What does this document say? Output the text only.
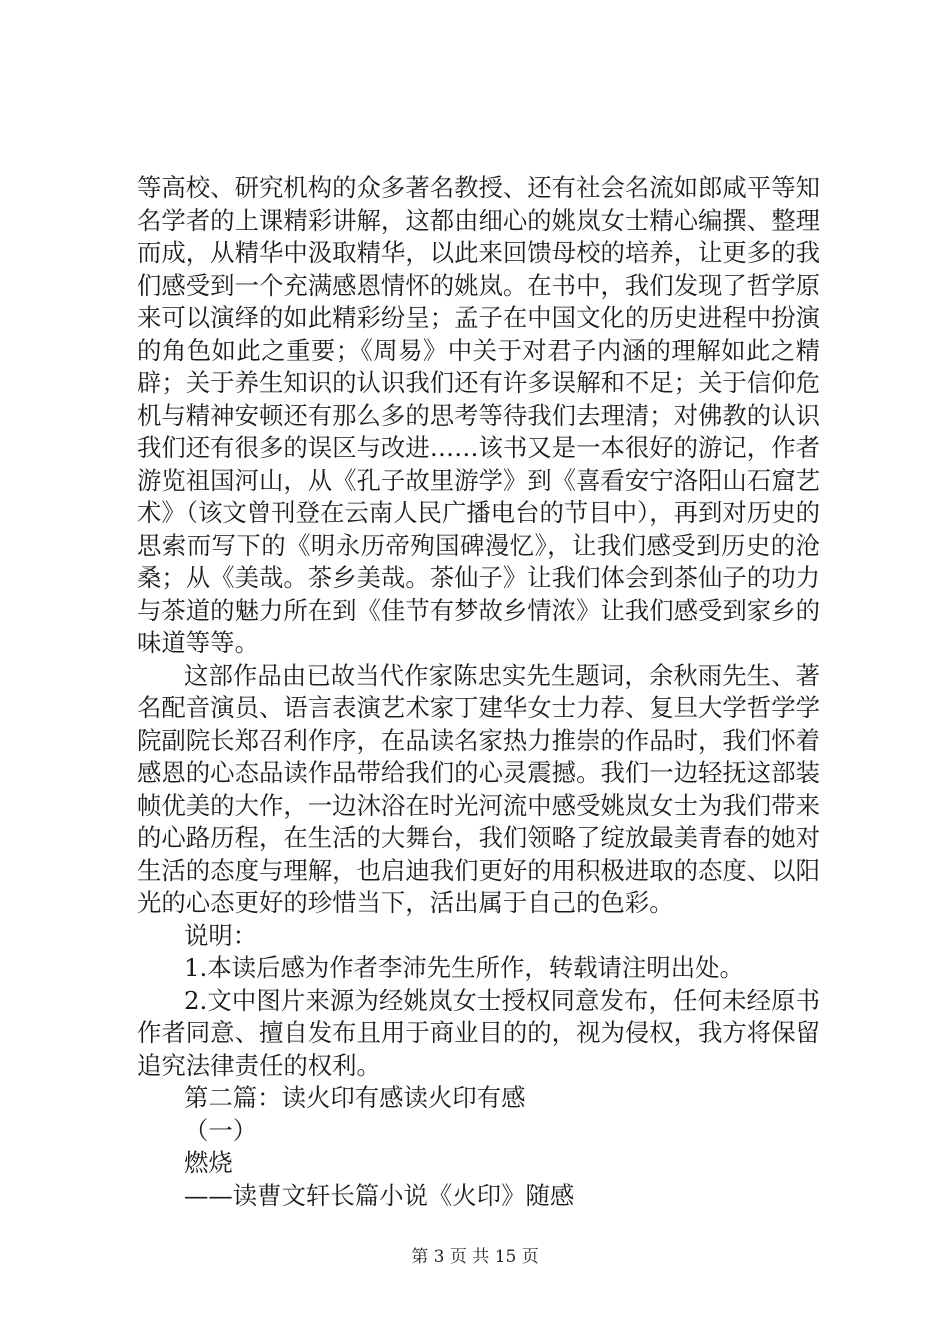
等高校、研究机构的众多著名教授、还有社会名流如郎咸平等知名学者的上课精彩讲解，这都由细心的姚岚女士精心编撰、整理而成，从精华中汲取精华，以此来回馈母校的培养，让更多的我们感受到一个充满感恩情怀的姚岚。在书中，我们发现了哲学原来可以演绎的如此精彩纷呈；孟子在中国文化的历史进程中扮演的角色如此之重要；《周易》中关于对君子内涵的理解如此之精辟；关于养生知识的认识我们还有许多误解和不足；关于信仰危机与精神安顿还有那么多的思考等待我们去理清；对佛教的认识我们还有很多的误区与改进……该书又是一本很好的游记，作者游览祖国河山，从《孔子故里游学》到《喜看安宁洛阳山石窟艺术》（该文曾刊登在云南人民广播电台的节目中），再到对历史的思索而写下的《明永历帝殉国碑漫忆》，让我们感受到历史的沧桑；从《美哉。茶乡美哉。茶仙子》让我们体会到茶仙子的功力与茶道的魅力所在到《佳节有梦故乡情浓》让我们感受到家乡的味道等等。

这部作品由已故当代作家陈忠实先生题词，余秋雨先生、著名配音演员、语言表演艺术家丁建华女士力荐、复旦大学哲学学院副院长郑召利作序，在品读名家热力推崇的作品时，我们怀着感恩的心态品读作品带给我们的心灵震撼。我们一边轻抚这部装帧优美的大作，一边沐浴在时光河流中感受姚岚女士为我们带来的心路历程，在生活的大舞台，我们领略了绽放最美青春的她对生活的态度与理解，也启迪我们更好的用积极进取的态度、以阳光的心态更好的珍惜当下，活出属于自己的色彩。

说明：

1.本读后感为作者李沛先生所作，转载请注明出处。

2.文中图片来源为经姚岚女士授权同意发布，任何未经原书作者同意、擅自发布且用于商业目的的，视为侵权，我方将保留追究法律责任的权利。

第二篇：读火印有感读火印有感

（一）

燃烧

——读曹文轩长篇小说《火印》随感

第 3 页 共 15 页
